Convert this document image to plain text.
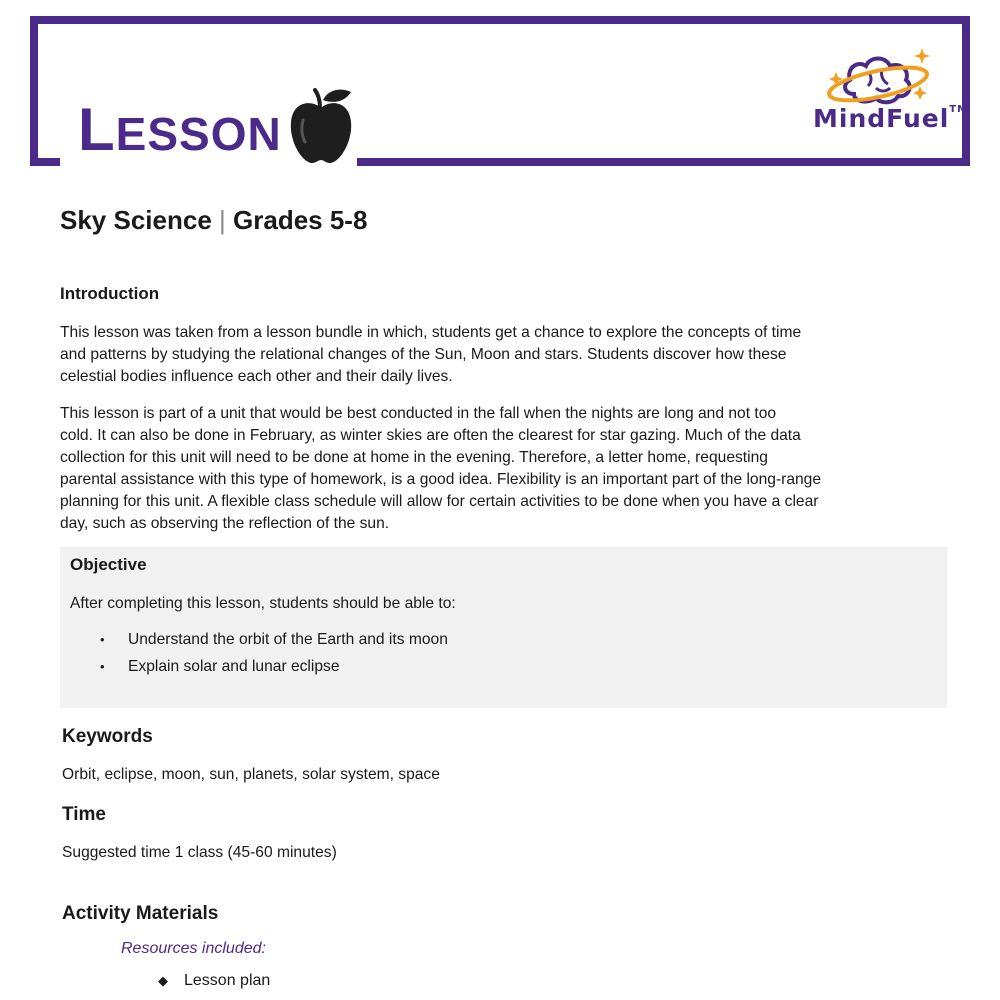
LESSON	MindFuel™
Sky Science | Grades 5-8
Introduction
This lesson was taken from a lesson bundle in which, students get a chance to explore the concepts of time
and patterns by studying the relational changes of the Sun, Moon and stars. Students discover how these
celestial bodies influence each other and their daily lives.
This lesson is part of a unit that would be best conducted in the fall when the nights are long and not too
cold. It can also be done in February, as winter skies are often the clearest for star gazing. Much of the data
collection for this unit will need to be done at home in the evening. Therefore, a letter home, requesting
parental assistance with this type of homework, is a good idea. Flexibility is an important part of the long-range
planning for this unit. A flexible class schedule will allow for certain activities to be done when you have a clear
day, such as observing the reflection of the sun.
Objective
After completing this lesson, students should be able to:
• Understand the orbit of the Earth and its moon
• Explain solar and lunar eclipse
Keywords
Orbit, eclipse, moon, sun, planets, solar system, space
Time
Suggested time 1 class (45-60 minutes)
Activity Materials
Resources included:
◆ Lesson plan
